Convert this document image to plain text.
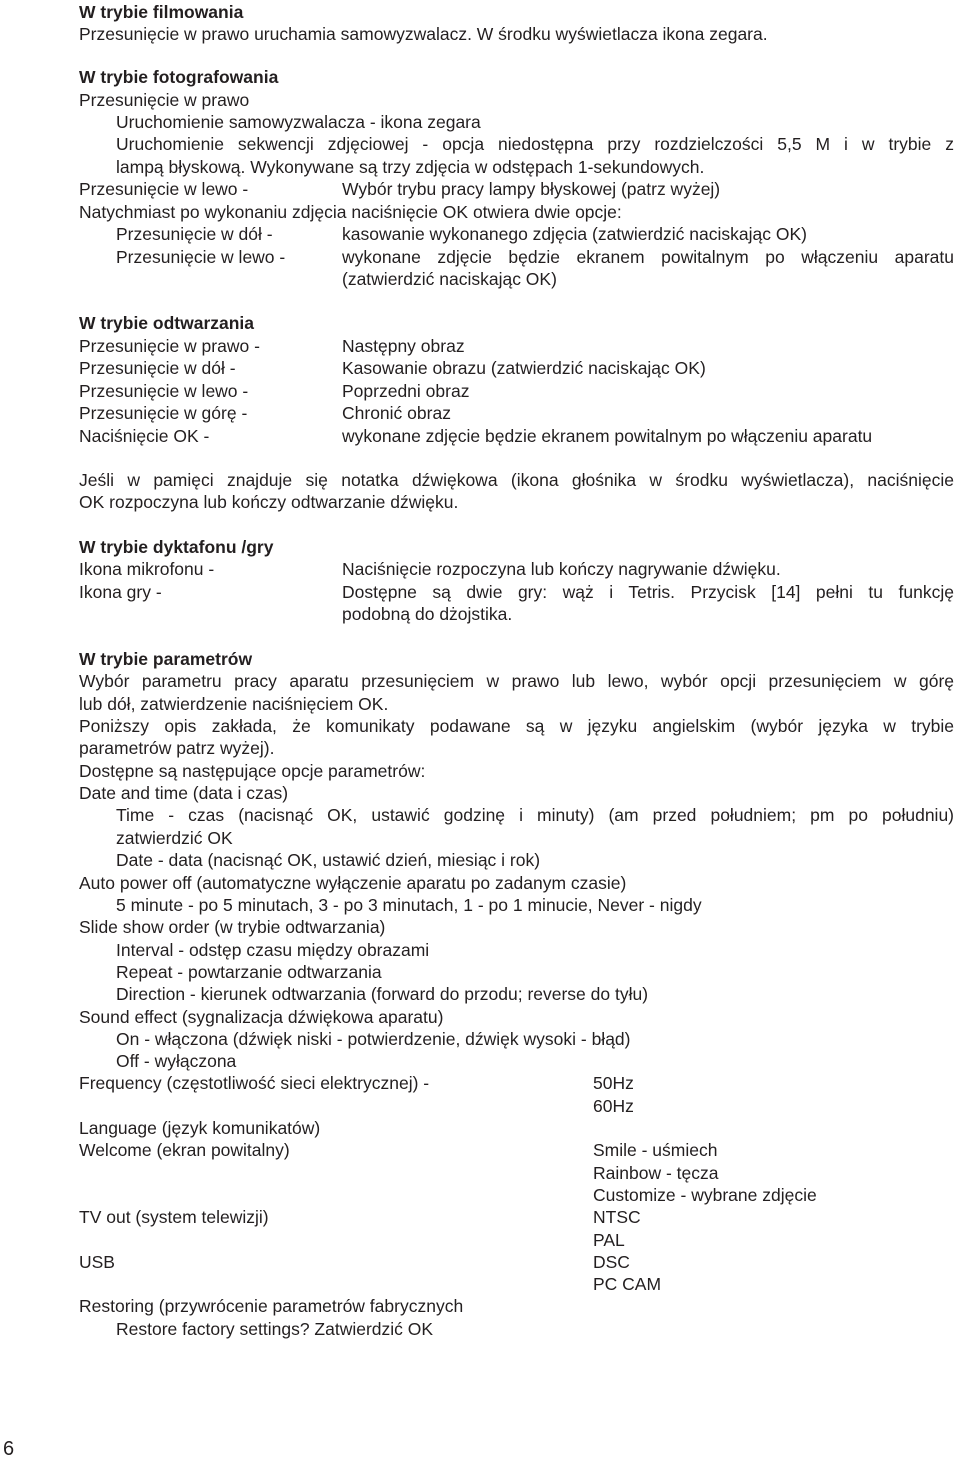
W trybie filmowania
Przesunięcie w prawo uruchamia samowyzwalacz. W środku wyświetlacza ikona zegara.
W trybie fotografowania
Przesunięcie w prawo
Uruchomienie samowyzwalacza - ikona zegara
Uruchomienie sekwencji zdjęciowej - opcja niedostępna przy rozdzielczości 5,5 M i w trybie z
lampą błyskową. Wykonywane są trzy zdjęcia w odstępach 1-sekundowych.
Przesunięcie w lewo -	Wybór trybu pracy lampy błyskowej (patrz wyżej)
Natychmiast po wykonaniu zdjęcia naciśnięcie OK otwiera dwie opcje:
Przesunięcie w dół -	kasowanie wykonanego zdjęcia (zatwierdzić naciskając OK)
Przesunięcie w lewo -	wykonane zdjęcie będzie ekranem powitalnym po włączeniu aparatu
(zatwierdzić naciskając OK)
W trybie odtwarzania
Przesunięcie w prawo -	Następny obraz
Przesunięcie w dół -	Kasowanie obrazu (zatwierdzić naciskając OK)
Przesunięcie w lewo -	Poprzedni obraz
Przesunięcie w górę -	Chronić obraz
Naciśnięcie OK -	wykonane zdjęcie będzie ekranem powitalnym po włączeniu aparatu
Jeśli w pamięci znajduje się notatka dźwiękowa (ikona głośnika w środku wyświetlacza), naciśnięcie
OK rozpoczyna lub kończy odtwarzanie dźwięku.
W trybie dyktafonu /gry
Ikona mikrofonu -	Naciśnięcie rozpoczyna lub kończy nagrywanie dźwięku.
Ikona gry -	Dostępne są dwie gry: wąż i Tetris. Przycisk [14] pełni tu funkcję
podobną do dżojstika.
W trybie parametrów
Wybór parametru pracy aparatu przesunięciem w prawo lub lewo, wybór opcji przesunięciem w górę
lub dół, zatwierdzenie naciśnięciem OK.
Poniższy opis zakłada, że komunikaty podawane są w języku angielskim (wybór języka w trybie
parametrów patrz wyżej).
Dostępne są następujące opcje parametrów:
Date and time (data i czas)
Time - czas (nacisnąć OK, ustawić godzinę i minuty) (am przed południem; pm po południu)
zatwierdzić OK
Date - data (nacisnąć OK, ustawić dzień, miesiąc i rok)
Auto power off (automatyczne wyłączenie aparatu po zadanym czasie)
5 minute - po 5 minutach, 3 - po 3 minutach, 1 - po 1 minucie, Never - nigdy
Slide show order (w trybie odtwarzania)
Interval - odstęp czasu między obrazami
Repeat - powtarzanie odtwarzania
Direction - kierunek odtwarzania (forward do przodu; reverse do tyłu)
Sound effect (sygnalizacja dźwiękowa aparatu)
On - włączona (dźwięk niski - potwierdzenie, dźwięk wysoki - błąd)
Off - wyłączona
Frequency (częstotliwość sieci elektrycznej) -	50Hz
60Hz
Language (język komunikatów)
Welcome (ekran powitalny)	Smile - uśmiech
Rainbow - tęcza
Customize - wybrane zdjęcie
TV out (system telewizji)	NTSC
PAL
USB	DSC
PC CAM
Restoring (przywrócenie parametrów fabrycznych
Restore factory settings? Zatwierdzić OK
6
